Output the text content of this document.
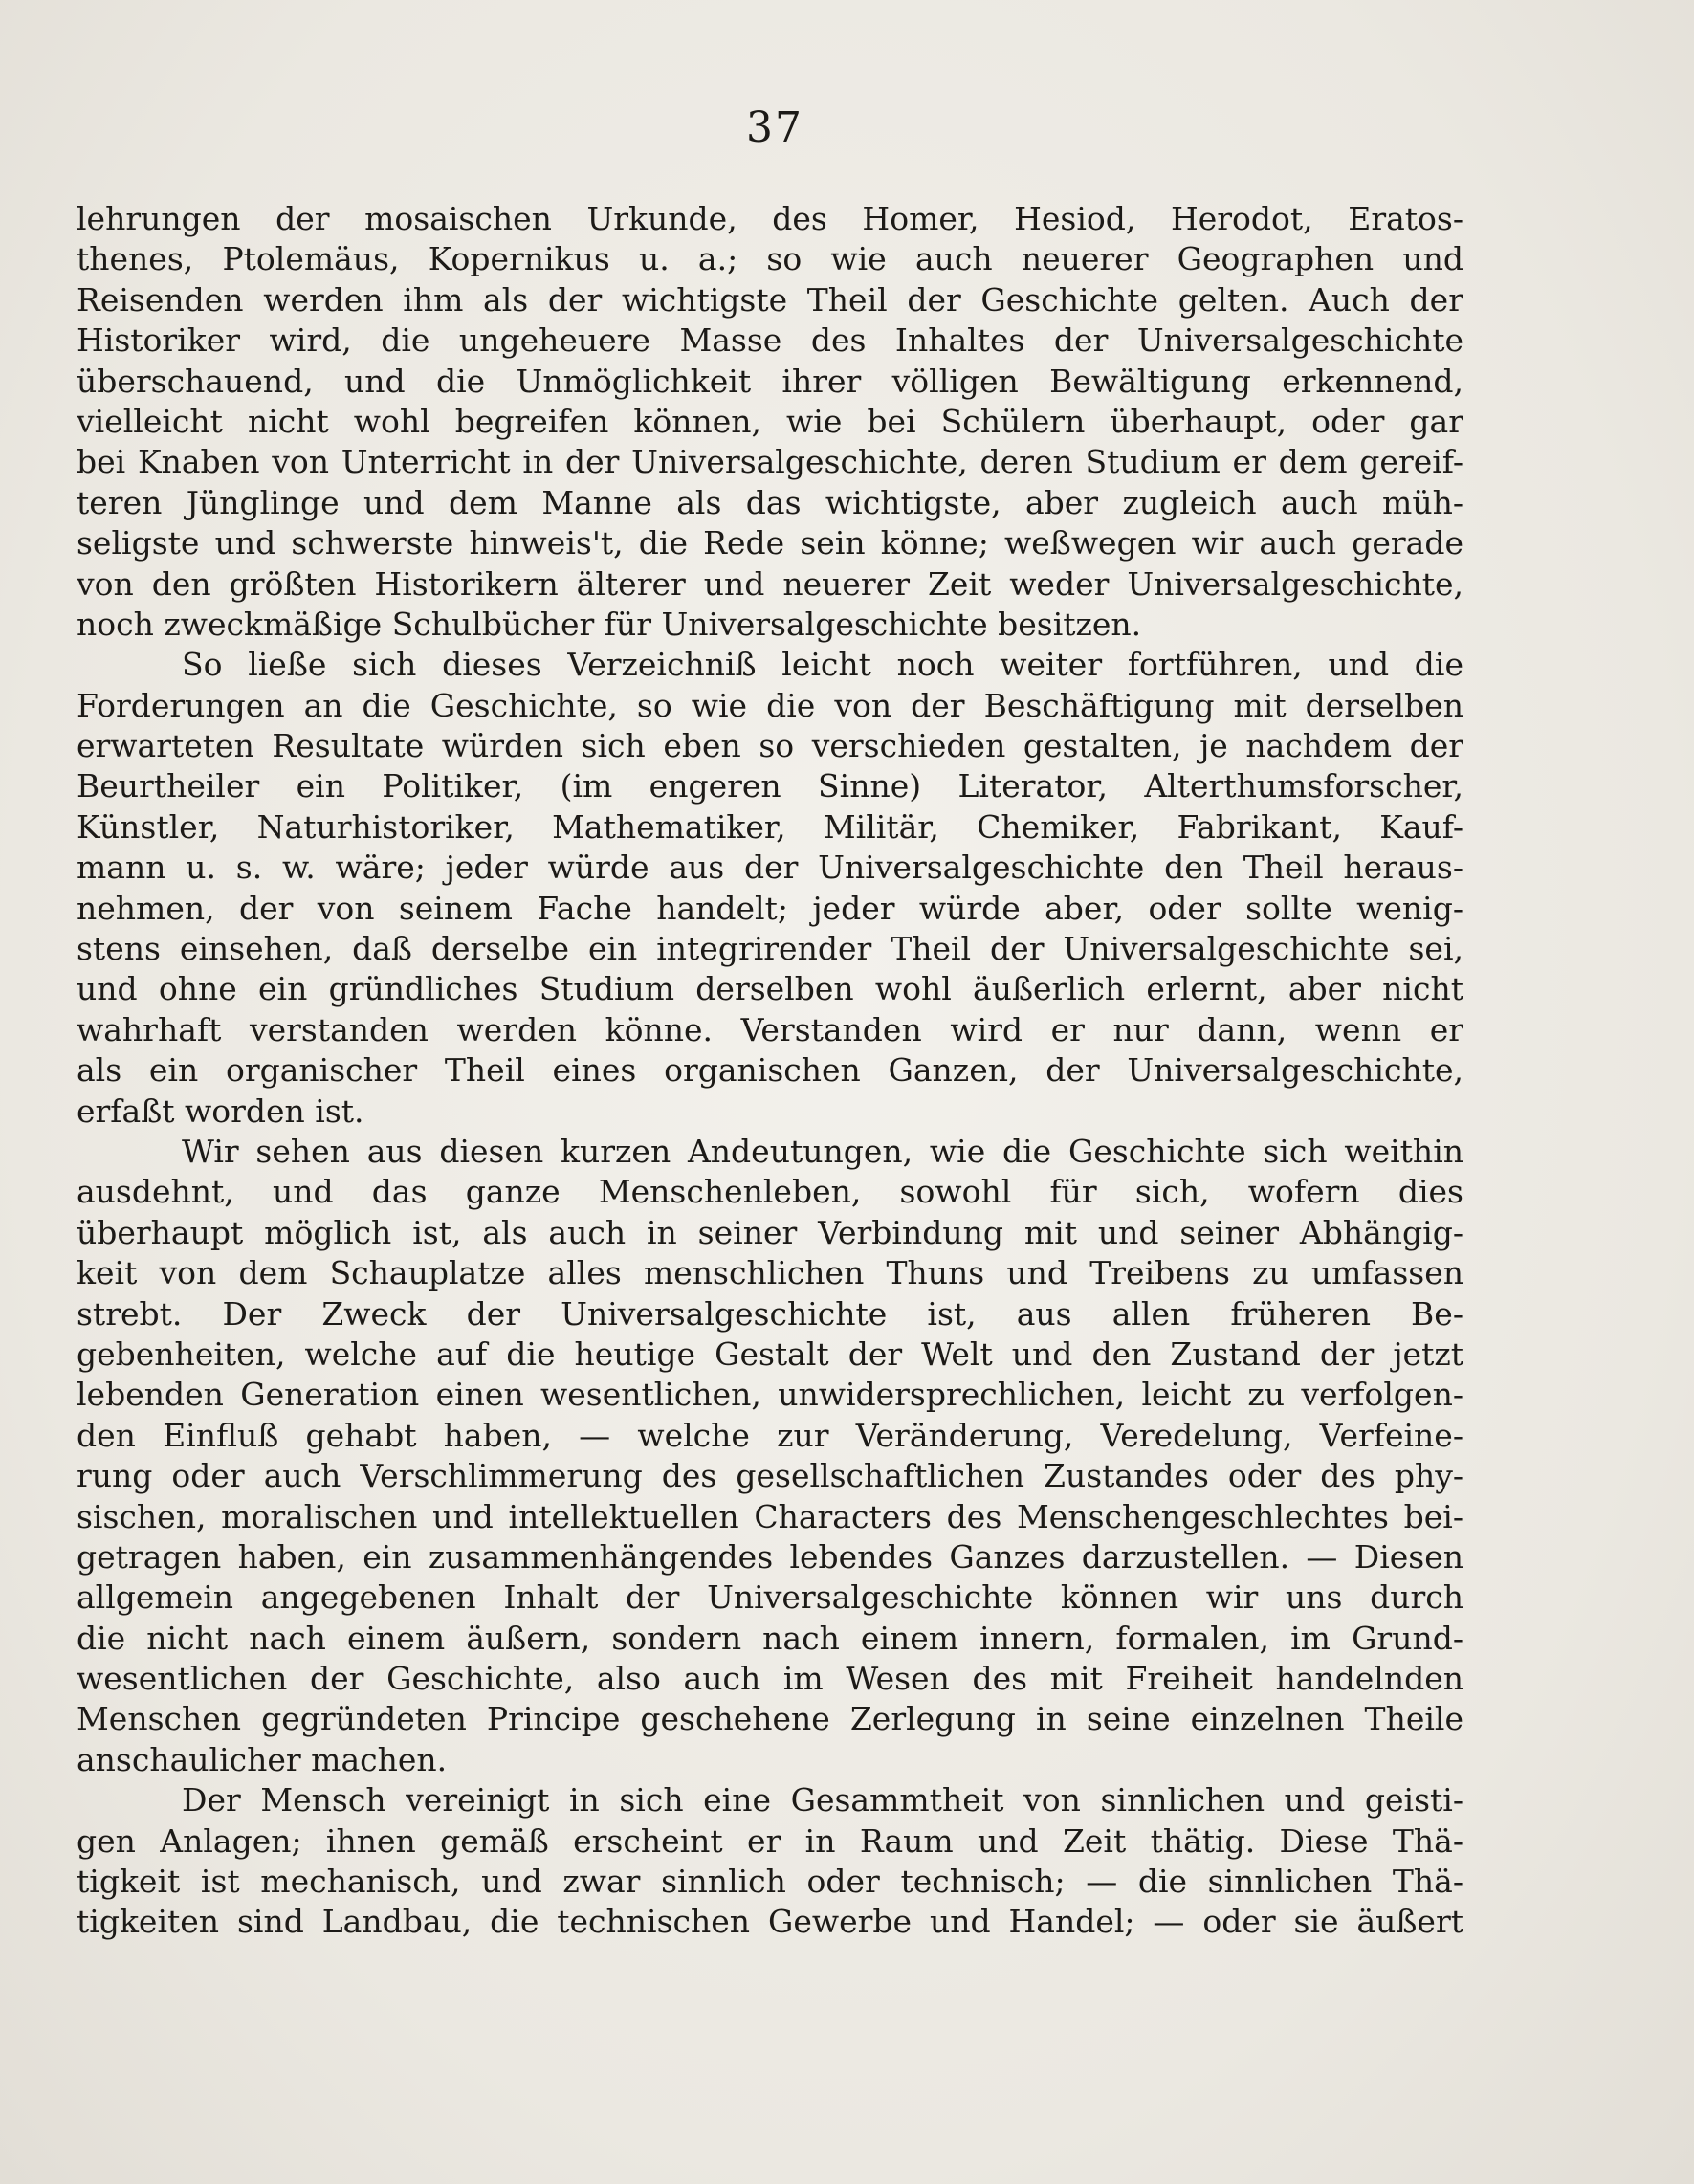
37
lehrungen der mosaischen Urkunde, des Homer, Hesiod, Herodot, Eratos-
thenes, Ptolemäus, Kopernikus u. a.; so wie auch neuerer Geographen und
Reisenden werden ihm als der wichtigste Theil der Geschichte gelten. Auch der
Historiker wird, die ungeheuere Masse des Inhaltes der Universalgeschichte
überschauend, und die Unmöglichkeit ihrer völligen Bewältigung erkennend,
vielleicht nicht wohl begreifen können, wie bei Schülern überhaupt, oder gar
bei Knaben von Unterricht in der Universalgeschichte, deren Studium er dem gereif-
teren Jünglinge und dem Manne als das wichtigste, aber zugleich auch müh-
seligste und schwerste hinweis't, die Rede sein könne; weßwegen wir auch gerade
von den größten Historikern älterer und neuerer Zeit weder Universalgeschichte,
noch zweckmäßige Schulbücher für Universalgeschichte besitzen.
So ließe sich dieses Verzeichniß leicht noch weiter fortführen, und die
Forderungen an die Geschichte, so wie die von der Beschäftigung mit derselben
erwarteten Resultate würden sich eben so verschieden gestalten, je nachdem der
Beurtheiler ein Politiker, (im engeren Sinne) Literator, Alterthumsforscher,
Künstler, Naturhistoriker, Mathematiker, Militär, Chemiker, Fabrikant, Kauf-
mann u. s. w. wäre; jeder würde aus der Universalgeschichte den Theil heraus-
nehmen, der von seinem Fache handelt; jeder würde aber, oder sollte wenig-
stens einsehen, daß derselbe ein integrirender Theil der Universalgeschichte sei,
und ohne ein gründliches Studium derselben wohl äußerlich erlernt, aber nicht
wahrhaft verstanden werden könne. Verstanden wird er nur dann, wenn er
als ein organischer Theil eines organischen Ganzen, der Universalgeschichte,
erfaßt worden ist.
Wir sehen aus diesen kurzen Andeutungen, wie die Geschichte sich weithin
ausdehnt, und das ganze Menschenleben, sowohl für sich, wofern dies
überhaupt möglich ist, als auch in seiner Verbindung mit und seiner Abhängig-
keit von dem Schauplatze alles menschlichen Thuns und Treibens zu umfassen
strebt. Der Zweck der Universalgeschichte ist, aus allen früheren Be-
gebenheiten, welche auf die heutige Gestalt der Welt und den Zustand der jetzt
lebenden Generation einen wesentlichen, unwidersprechlichen, leicht zu verfolgen-
den Einfluß gehabt haben, — welche zur Veränderung, Veredelung, Verfeine-
rung oder auch Verschlimmerung des gesellschaftlichen Zustandes oder des phy-
sischen, moralischen und intellektuellen Characters des Menschengeschlechtes bei-
getragen haben, ein zusammenhängendes lebendes Ganzes darzustellen. — Diesen
allgemein angegebenen Inhalt der Universalgeschichte können wir uns durch
die nicht nach einem äußern, sondern nach einem innern, formalen, im Grund-
wesentlichen der Geschichte, also auch im Wesen des mit Freiheit handelnden
Menschen gegründeten Principe geschehene Zerlegung in seine einzelnen Theile
anschaulicher machen.
Der Mensch vereinigt in sich eine Gesammtheit von sinnlichen und geisti-
gen Anlagen; ihnen gemäß erscheint er in Raum und Zeit thätig. Diese Thä-
tigkeit ist mechanisch, und zwar sinnlich oder technisch; — die sinnlichen Thä-
tigkeiten sind Landbau, die technischen Gewerbe und Handel; — oder sie äußert
